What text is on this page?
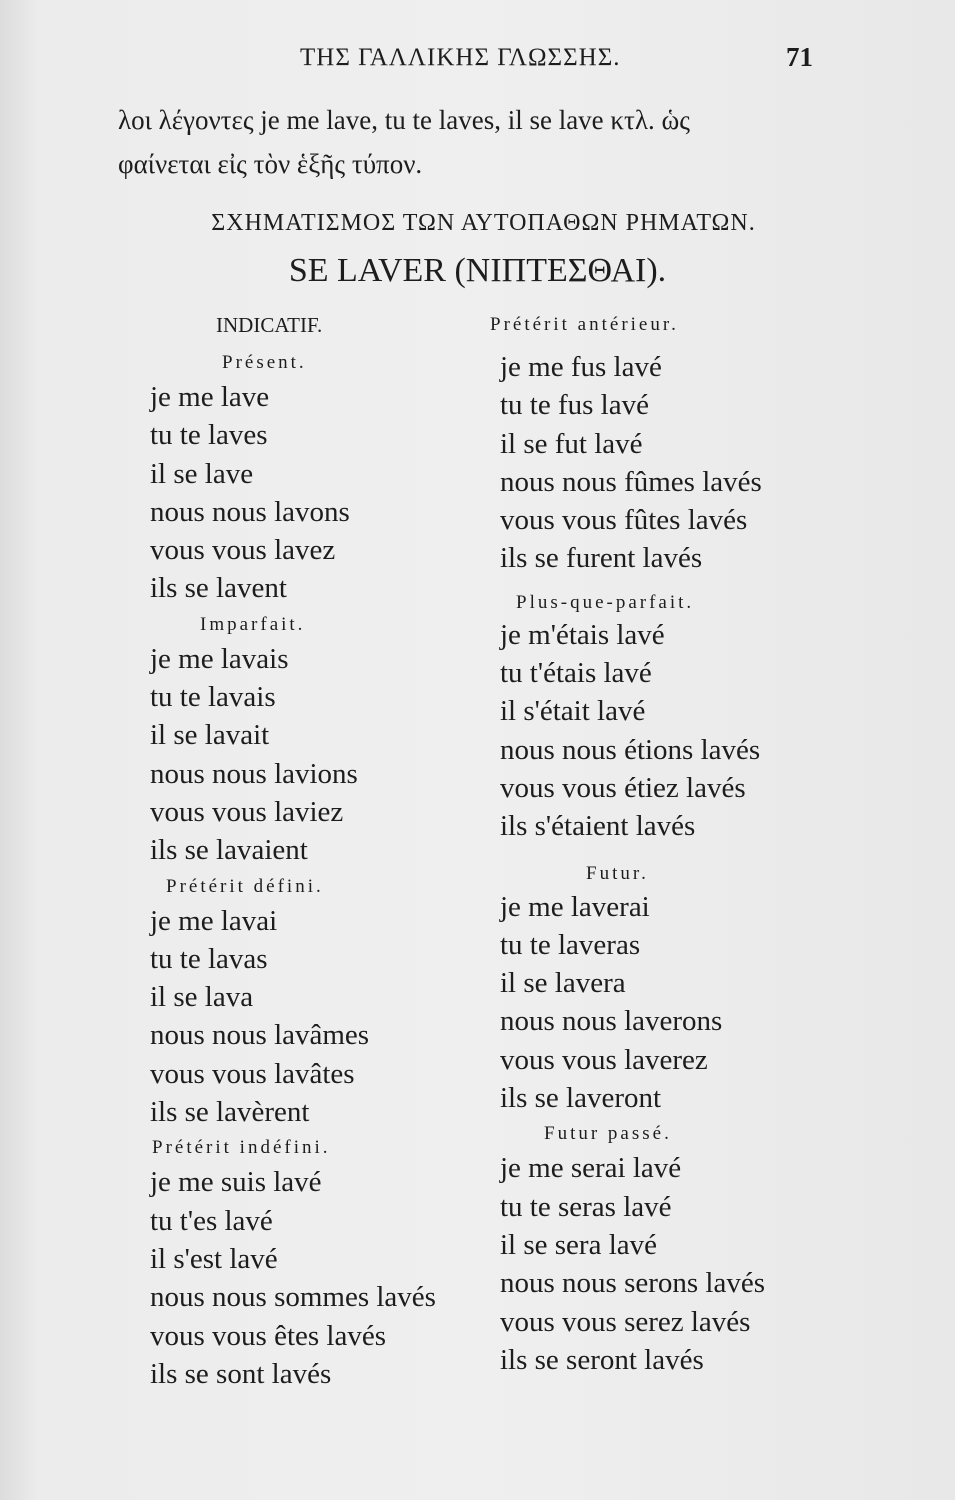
ΤΗΣ ΓΑΛΛΙΚΗΣ ΓΛΩΣΣΗΣ.	71
λοι λέγοντες je me lave, tu te laves, il se lave κτλ. ὡς
φαίνεται εἰς τὸν ἑξῆς τύπον.
ΣΧΗΜΑΤΙΣΜΟΣ ΤΩΝ ΑΥΤΟΠΑΘΩΝ ΡΗΜΑΤΩΝ.
SE LAVER (ΝΙΠΤΕΣΘΑΙ).
INDICATIF.
Présent.
je me lave
tu te laves
il se lave
nous nous lavons
vous vous lavez
ils se lavent
Imparfait.
je me lavais
tu te lavais
il se lavait
nous nous lavions
vous vous laviez
ils se lavaient
Prétérit défini.
je me lavai
tu te lavas
il se lava
nous nous lavâmes
vous vous lavâtes
ils se lavèrent
Prétérit indéfini.
je me suis lavé
tu t'es lavé
il s'est lavé
nous nous sommes lavés
vous vous êtes lavés
ils se sont lavés
Prétérit antérieur.
je me fus lavé
tu te fus lavé
il se fut lavé
nous nous fûmes lavés
vous vous fûtes lavés
ils se furent lavés
Plus-que-parfait.
je m'étais lavé
tu t'étais lavé
il s'était lavé
nous nous étions lavés
vous vous étiez lavés
ils s'étaient lavés
Futur.
je me laverai
tu te laveras
il se lavera
nous nous laverons
vous vous laverez
ils se laveront
Futur passé.
je me serai lavé
tu te seras lavé
il se sera lavé
nous nous serons lavés
vous vous serez lavés
ils se seront lavés
